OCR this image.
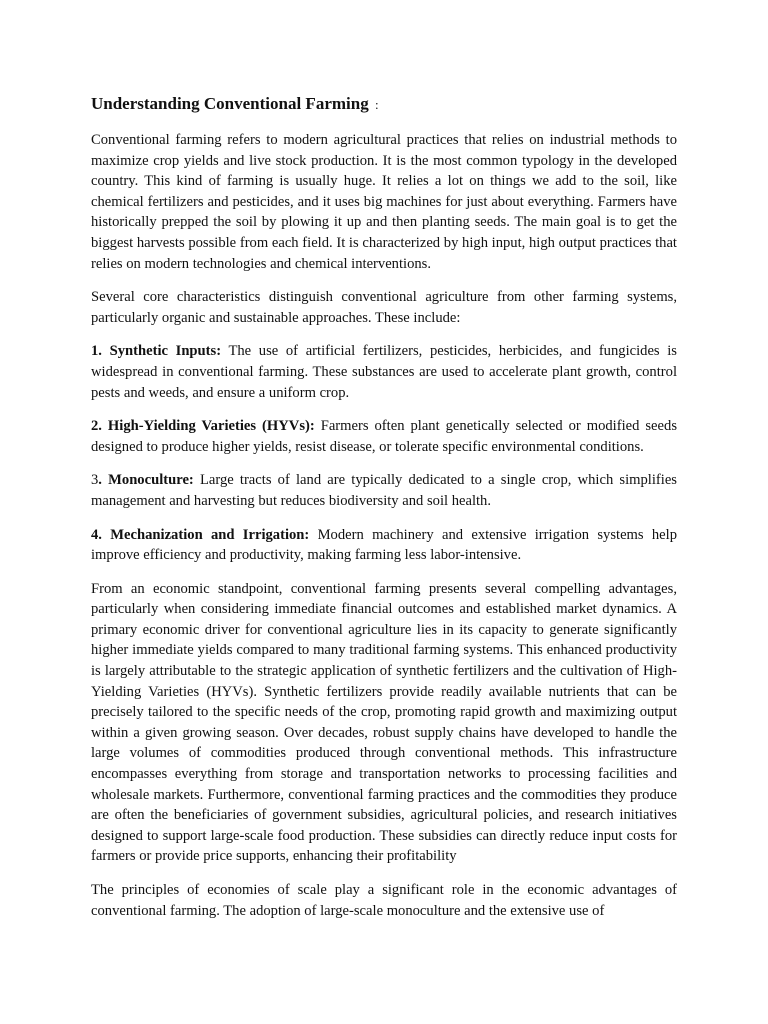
Understanding Conventional Farming :

Conventional farming refers to modern agricultural practices that relies on industrial methods to maximize crop yields and live stock production. It is the most common typology in the developed country. This kind of farming is usually huge. It relies a lot on things we add to the soil, like chemical fertilizers and pesticides, and it uses big machines for just about everything. Farmers have historically prepped the soil by plowing it up and then planting seeds. The main goal is to get the biggest harvests possible from each field. It is characterized by high input, high output practices that relies on modern technologies and chemical interventions.

Several core characteristics distinguish conventional agriculture from other farming systems, particularly organic and sustainable approaches. These include:

1. Synthetic Inputs: The use of artificial fertilizers, pesticides, herbicides, and fungicides is widespread in conventional farming. These substances are used to accelerate plant growth, control pests and weeds, and ensure a uniform crop.

2. High-Yielding Varieties (HYVs): Farmers often plant genetically selected or modified seeds designed to produce higher yields, resist disease, or tolerate specific environmental conditions.

3. Monoculture: Large tracts of land are typically dedicated to a single crop, which simplifies management and harvesting but reduces biodiversity and soil health.

4. Mechanization and Irrigation: Modern machinery and extensive irrigation systems help improve efficiency and productivity, making farming less labor-intensive.

From an economic standpoint, conventional farming presents several compelling advantages, particularly when considering immediate financial outcomes and established market dynamics. A primary economic driver for conventional agriculture lies in its capacity to generate significantly higher immediate yields compared to many traditional farming systems. This enhanced productivity is largely attributable to the strategic application of synthetic fertilizers and the cultivation of High-Yielding Varieties (HYVs). Synthetic fertilizers provide readily available nutrients that can be precisely tailored to the specific needs of the crop, promoting rapid growth and maximizing output within a given growing season. Over decades, robust supply chains have developed to handle the large volumes of commodities produced through conventional methods. This infrastructure encompasses everything from storage and transportation networks to processing facilities and wholesale markets. Furthermore, conventional farming practices and the commodities they produce are often the beneficiaries of government subsidies, agricultural policies, and research initiatives designed to support large-scale food production. These subsidies can directly reduce input costs for farmers or provide price supports, enhancing their profitability

The principles of economies of scale play a significant role in the economic advantages of conventional farming. The adoption of large-scale monoculture and the extensive use of
